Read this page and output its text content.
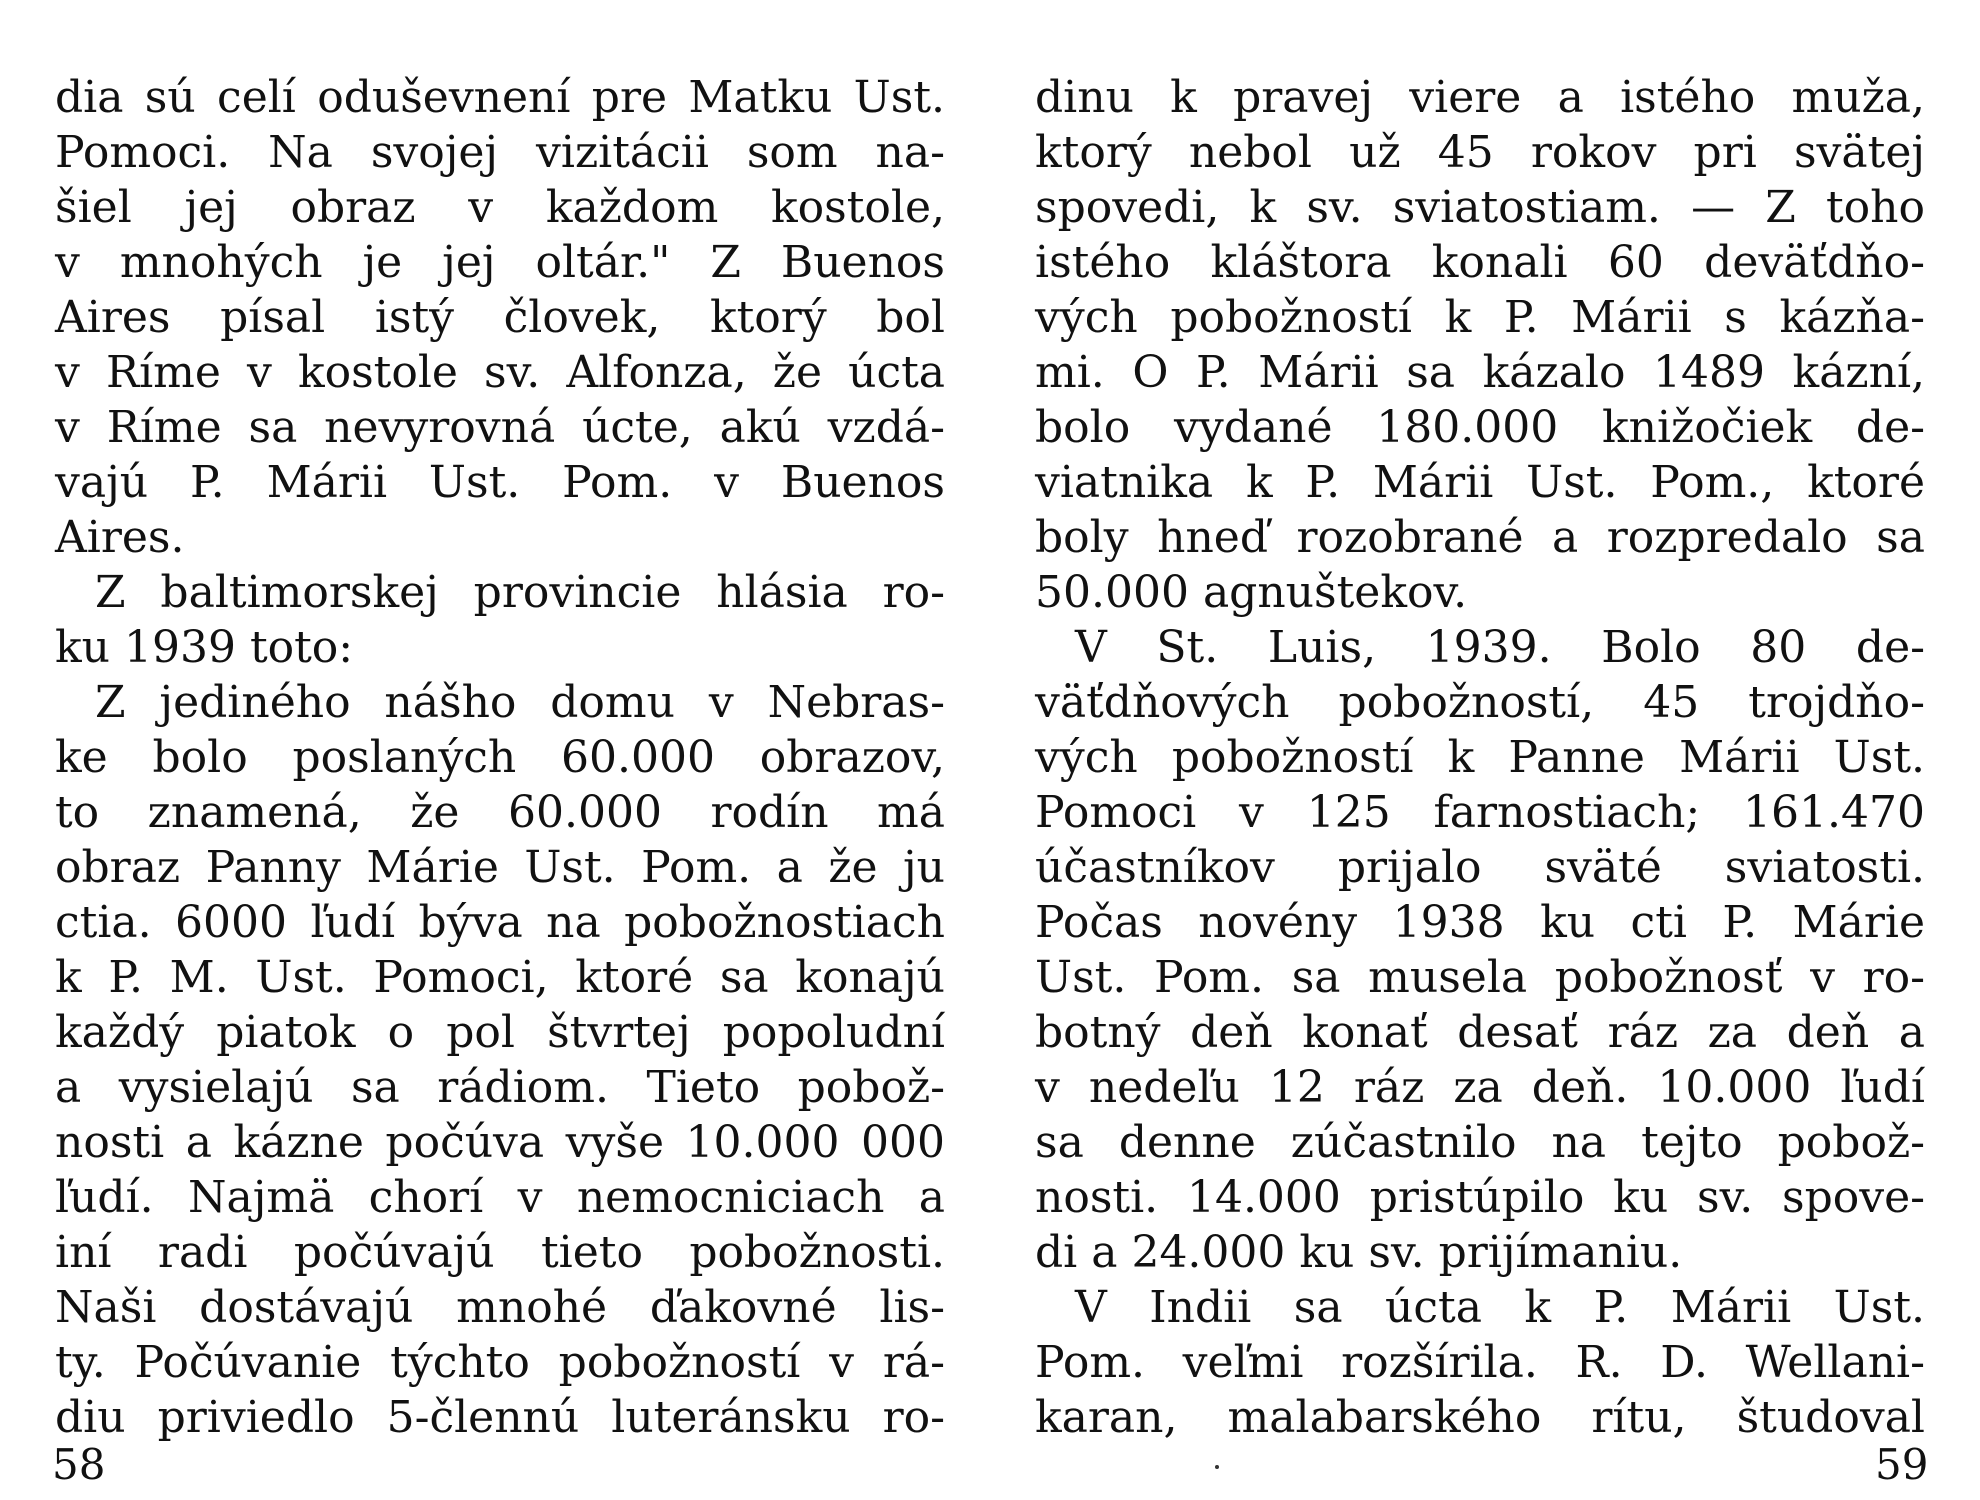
dia sú celí oduševnení pre Matku Ust.
Pomoci. Na svojej vizitácii som na-
šiel jej obraz v každom kostole,
v mnohých je jej oltár." Z Buenos
Aires písal istý človek, ktorý bol
v Ríme v kostole sv. Alfonza, že úcta
v Ríme sa nevyrovná úcte, akú vzdá-
vajú P. Márii Ust. Pom. v Buenos
Aires.
Z baltimorskej provincie hlásia ro-
ku 1939 toto:
Z jediného nášho domu v Nebras-
ke bolo poslaných 60.000 obrazov,
to znamená, že 60.000 rodín má
obraz Panny Márie Ust. Pom. a že ju
ctia. 6000 ľudí býva na pobožnostiach
k P. M. Ust. Pomoci, ktoré sa konajú
každý piatok o pol štvrtej popoludní
a vysielajú sa rádiom. Tieto pobož-
nosti a kázne počúva vyše 10.000 000
ľudí. Najmä chorí v nemocniciach a
iní radi počúvajú tieto pobožnosti.
Naši dostávajú mnohé ďakovné lis-
ty. Počúvanie týchto pobožností v rá-
diu priviedlo 5-člennú luteránsku ro-
58
dinu k pravej viere a istého muža,
ktorý nebol už 45 rokov pri svätej
spovedi, k sv. sviatostiam. — Z toho
istého kláštora konali 60 deväťdňo-
vých pobožností k P. Márii s kázňa-
mi. O P. Márii sa kázalo 1489 kázní,
bolo vydané 180.000 knižočiek de-
viatnika k P. Márii Ust. Pom., ktoré
boly hneď rozobrané a rozpredalo sa
50.000 agnuštekov.
V St. Luis, 1939. Bolo 80 de-
väťdňových pobožností, 45 trojdňo-
vých pobožností k Panne Márii Ust.
Pomoci v 125 farnostiach; 161.470
účastníkov prijalo sväté sviatosti.
Počas novény 1938 ku cti P. Márie
Ust. Pom. sa musela pobožnosť v ro-
botný deň konať desať ráz za deň a
v nedeľu 12 ráz za deň. 10.000 ľudí
sa denne zúčastnilo na tejto pobož-
nosti. 14.000 pristúpilo ku sv. spove-
di a 24.000 ku sv. prijímaniu.
V Indii sa úcta k P. Márii Ust.
Pom. veľmi rozšírila. R. D. Wellani-
karan, malabarského rítu, študoval
59
